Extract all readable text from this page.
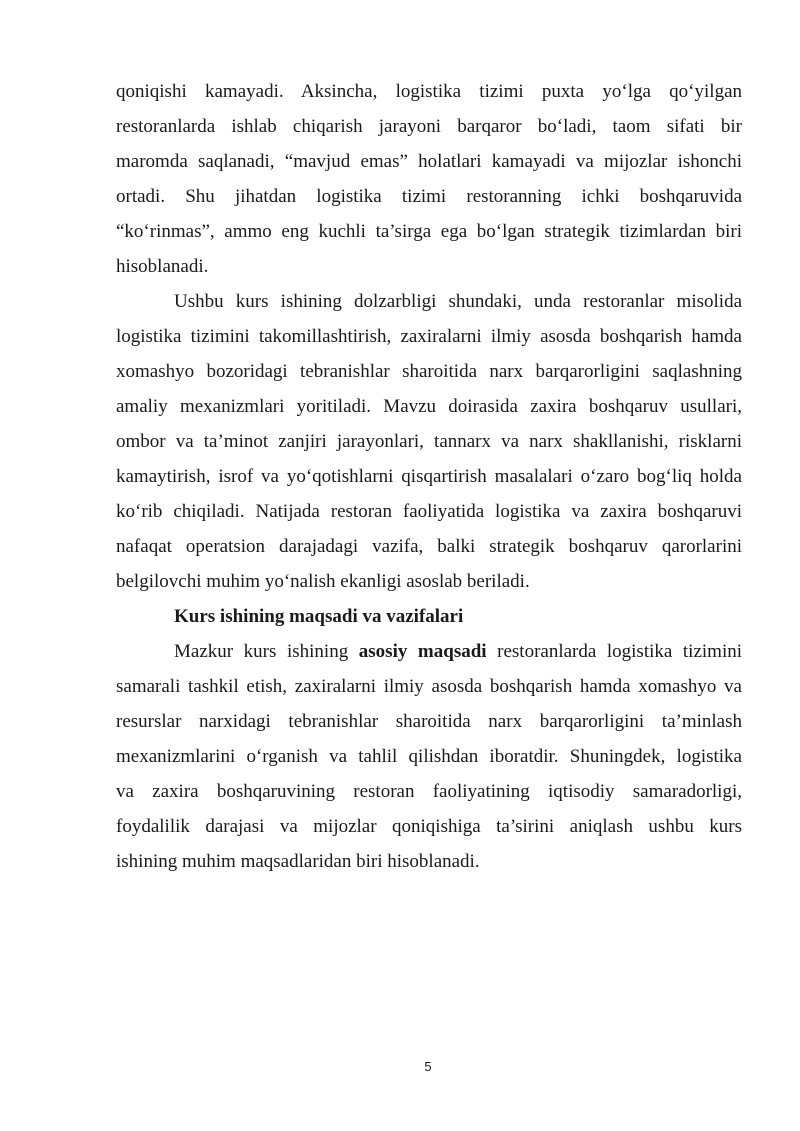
qoniqishi kamayadi. Aksincha, logistika tizimi puxta yo‘lga qo‘yilgan
restoranlarda ishlab chiqarish jarayoni barqaror bo‘ladi, taom sifati bir
maromda saqlanadi, “mavjud emas” holatlari kamayadi va mijozlar ishonchi
ortadi. Shu jihatdan logistika tizimi restoranning ichki boshqaruvida
“ko‘rinmas”, ammo eng kuchli ta’sirga ega bo‘lgan strategik tizimlardan biri
hisoblanadi.
Ushbu kurs ishining dolzarbligi shundaki, unda restoranlar misolida
logistika tizimini takomillashtirish, zaxiralarni ilmiy asosda boshqarish hamda
xomashyo bozoridagi tebranishlar sharoitida narx barqarorligini saqlashning
amaliy mexanizmlari yoritiladi. Mavzu doirasida zaxira boshqaruv usullari,
ombor va ta’minot zanjiri jarayonlari, tannarx va narx shakllanishi, risklarni
kamaytirish, isrof va yo‘qotishlarni qisqartirish masalalari o‘zaro bog‘liq holda
ko‘rib chiqiladi. Natijada restoran faoliyatida logistika va zaxira boshqaruvi
nafaqat operatsion darajadagi vazifa, balki strategik boshqaruv qarorlarini
belgilovchi muhim yo‘nalish ekanligi asoslab beriladi.
Kurs ishining maqsadi va vazifalari
Mazkur kurs ishining asosiy maqsadi restoranlarda logistika tizimini
samarali tashkil etish, zaxiralarni ilmiy asosda boshqarish hamda xomashyo va
resurslar narxidagi tebranishlar sharoitida narx barqarorligini ta’minlash
mexanizmlarini o‘rganish va tahlil qilishdan iboratdir. Shuningdek, logistika
va zaxira boshqaruvining restoran faoliyatining iqtisodiy samaradorligi,
foydalilik darajasi va mijozlar qoniqishiga ta’sirini aniqlash ushbu kurs
ishining muhim maqsadlaridan biri hisoblanadi.
5
